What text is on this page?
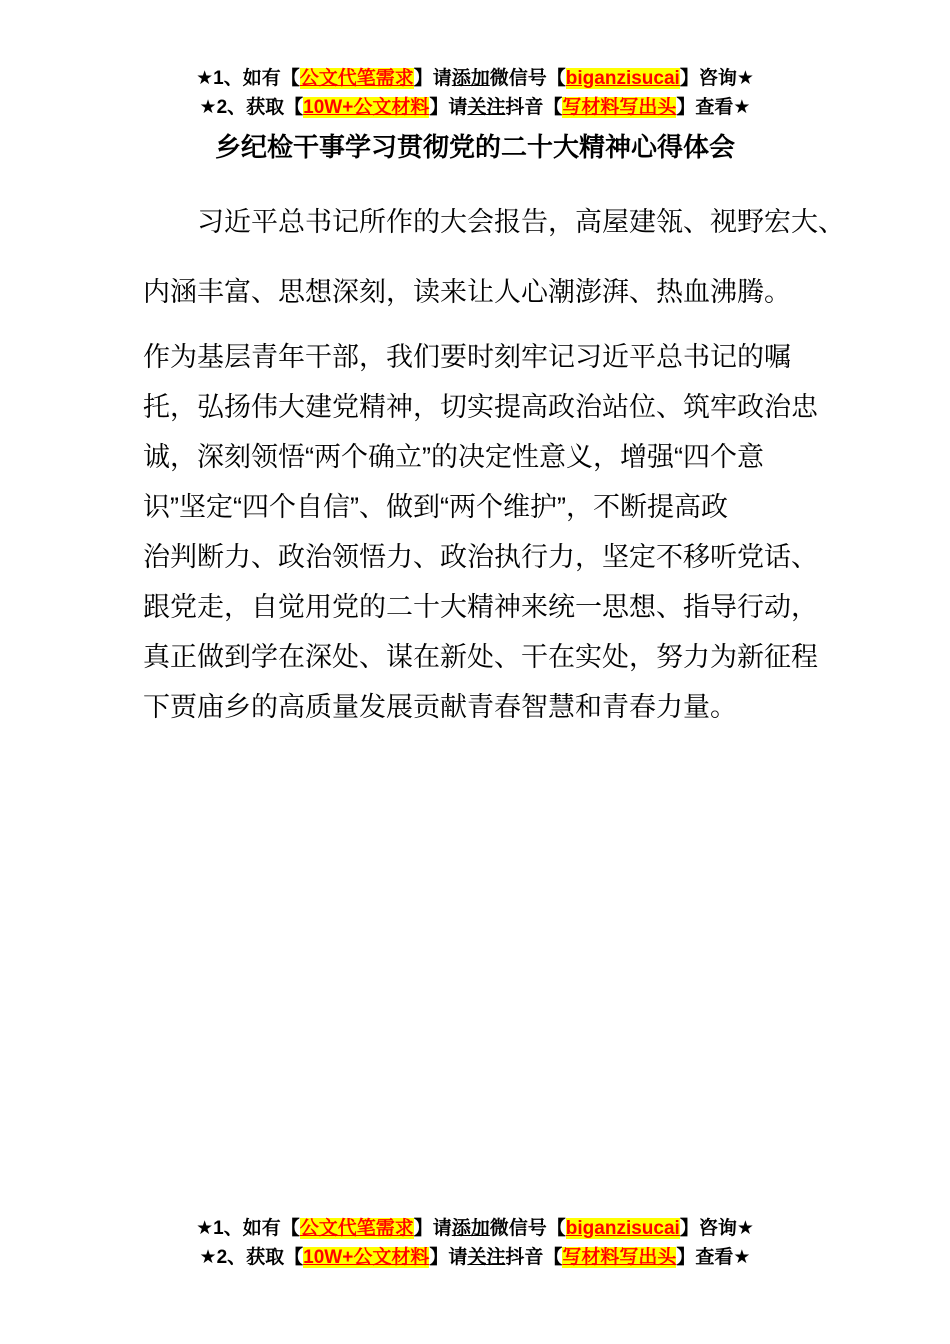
★1、如有【公文代笔需求】请添加微信号【biganzisucai】咨询★
★2、获取【10W+公文材料】请关注抖音【写材料写出头】查看★
乡纪检干事学习贯彻党的二十大精神心得体会
习近平总书记所作的大会报告，高屋建瓴、视野宏大、
内涵丰富、思想深刻，读来让人心潮澎湃、热血沸腾。
作为基层青年干部，我们要时刻牢记习近平总书记的嘱
托，弘扬伟大建党精神，切实提高政治站位、筑牢政治忠
诚，深刻领悟“两个确立”的决定性意义，增强“四个意
识”坚定“四个自信”、做到“两个维护”，不断提高政
治判断力、政治领悟力、政治执行力，坚定不移听党话、
跟党走，自觉用党的二十大精神来统一思想、指导行动，
真正做到学在深处、谋在新处、干在实处，努力为新征程
下贾庙乡的高质量发展贡献青春智慧和青春力量。
★1、如有【公文代笔需求】请添加微信号【biganzisucai】咨询★
★2、获取【10W+公文材料】请关注抖音【写材料写出头】查看★
